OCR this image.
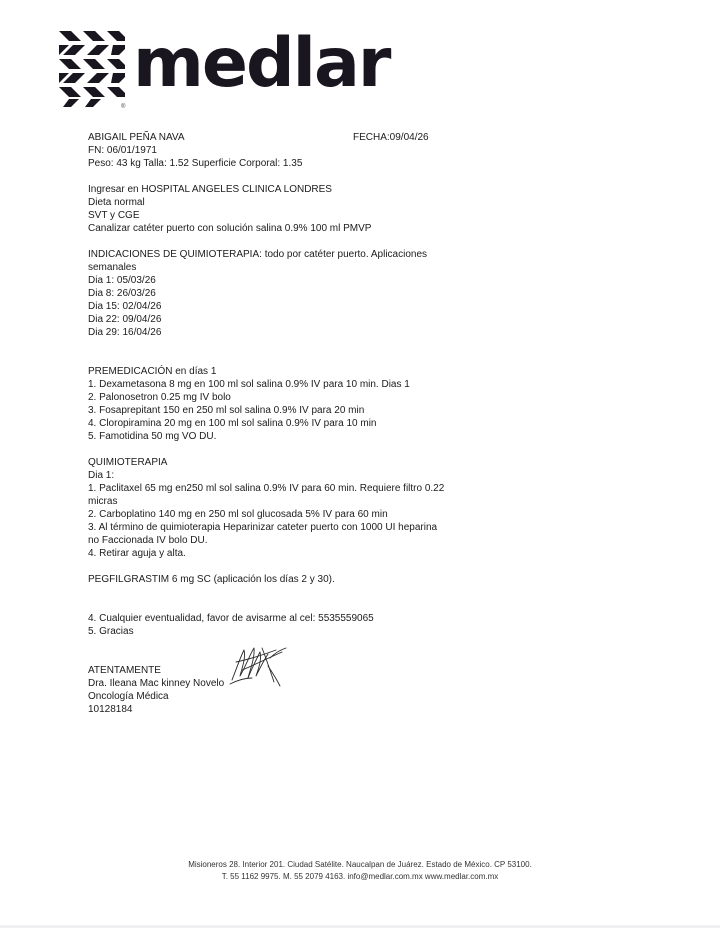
medlar
®
FECHA:09/04/26
ABIGAIL PEÑA NAVA
FN: 06/01/1971
Peso: 43 kg Talla: 1.52 Superficie Corporal: 1.35
Ingresar en HOSPITAL ANGELES CLINICA LONDRES
Dieta normal
SVT y CGE
Canalizar catéter puerto con solución salina 0.9% 100 ml PMVP
INDICACIONES DE QUIMIOTERAPIA: todo por catéter puerto. Aplicaciones
semanales
Dia 1: 05/03/26
Dia 8: 26/03/26
Dia 15: 02/04/26
Dia 22: 09/04/26
Dia 29: 16/04/26
PREMEDICACIÓN en días 1
1. Dexametasona 8 mg en 100 ml sol salina 0.9% IV para 10 min. Dias 1
2. Palonosetron 0.25 mg IV bolo
3. Fosaprepitant 150 en 250 ml sol salina 0.9% IV para 20 min
4. Cloropiramina 20 mg en 100 ml sol salina 0.9% IV para 10 min
5. Famotidina 50 mg VO DU.
QUIMIOTERAPIA
Dia 1:
1. Paclitaxel 65 mg en250 ml sol salina 0.9% IV para 60 min. Requiere filtro 0.22
micras
2. Carboplatino 140 mg en 250 ml sol glucosada 5% IV para 60 min
3. Al término de quimioterapia Heparinizar cateter puerto con 1000 UI heparina
no Faccionada IV bolo DU.
4. Retirar aguja y alta.
PEGFILGRASTIM 6 mg SC (aplicación los días 2 y 30).
4. Cualquier eventualidad, favor de avisarme al cel: 5535559065
5. Gracias
ATENTAMENTE
Dra. Ileana Mac kinney Novelo
Oncología Médica
10128184
Misioneros 28. Interior 201. Ciudad Satélite. Naucalpan de Juárez. Estado de México. CP 53100.
T. 55 1162 9975. M. 55 2079 4163. info@medlar.com.mx www.medlar.com.mx
